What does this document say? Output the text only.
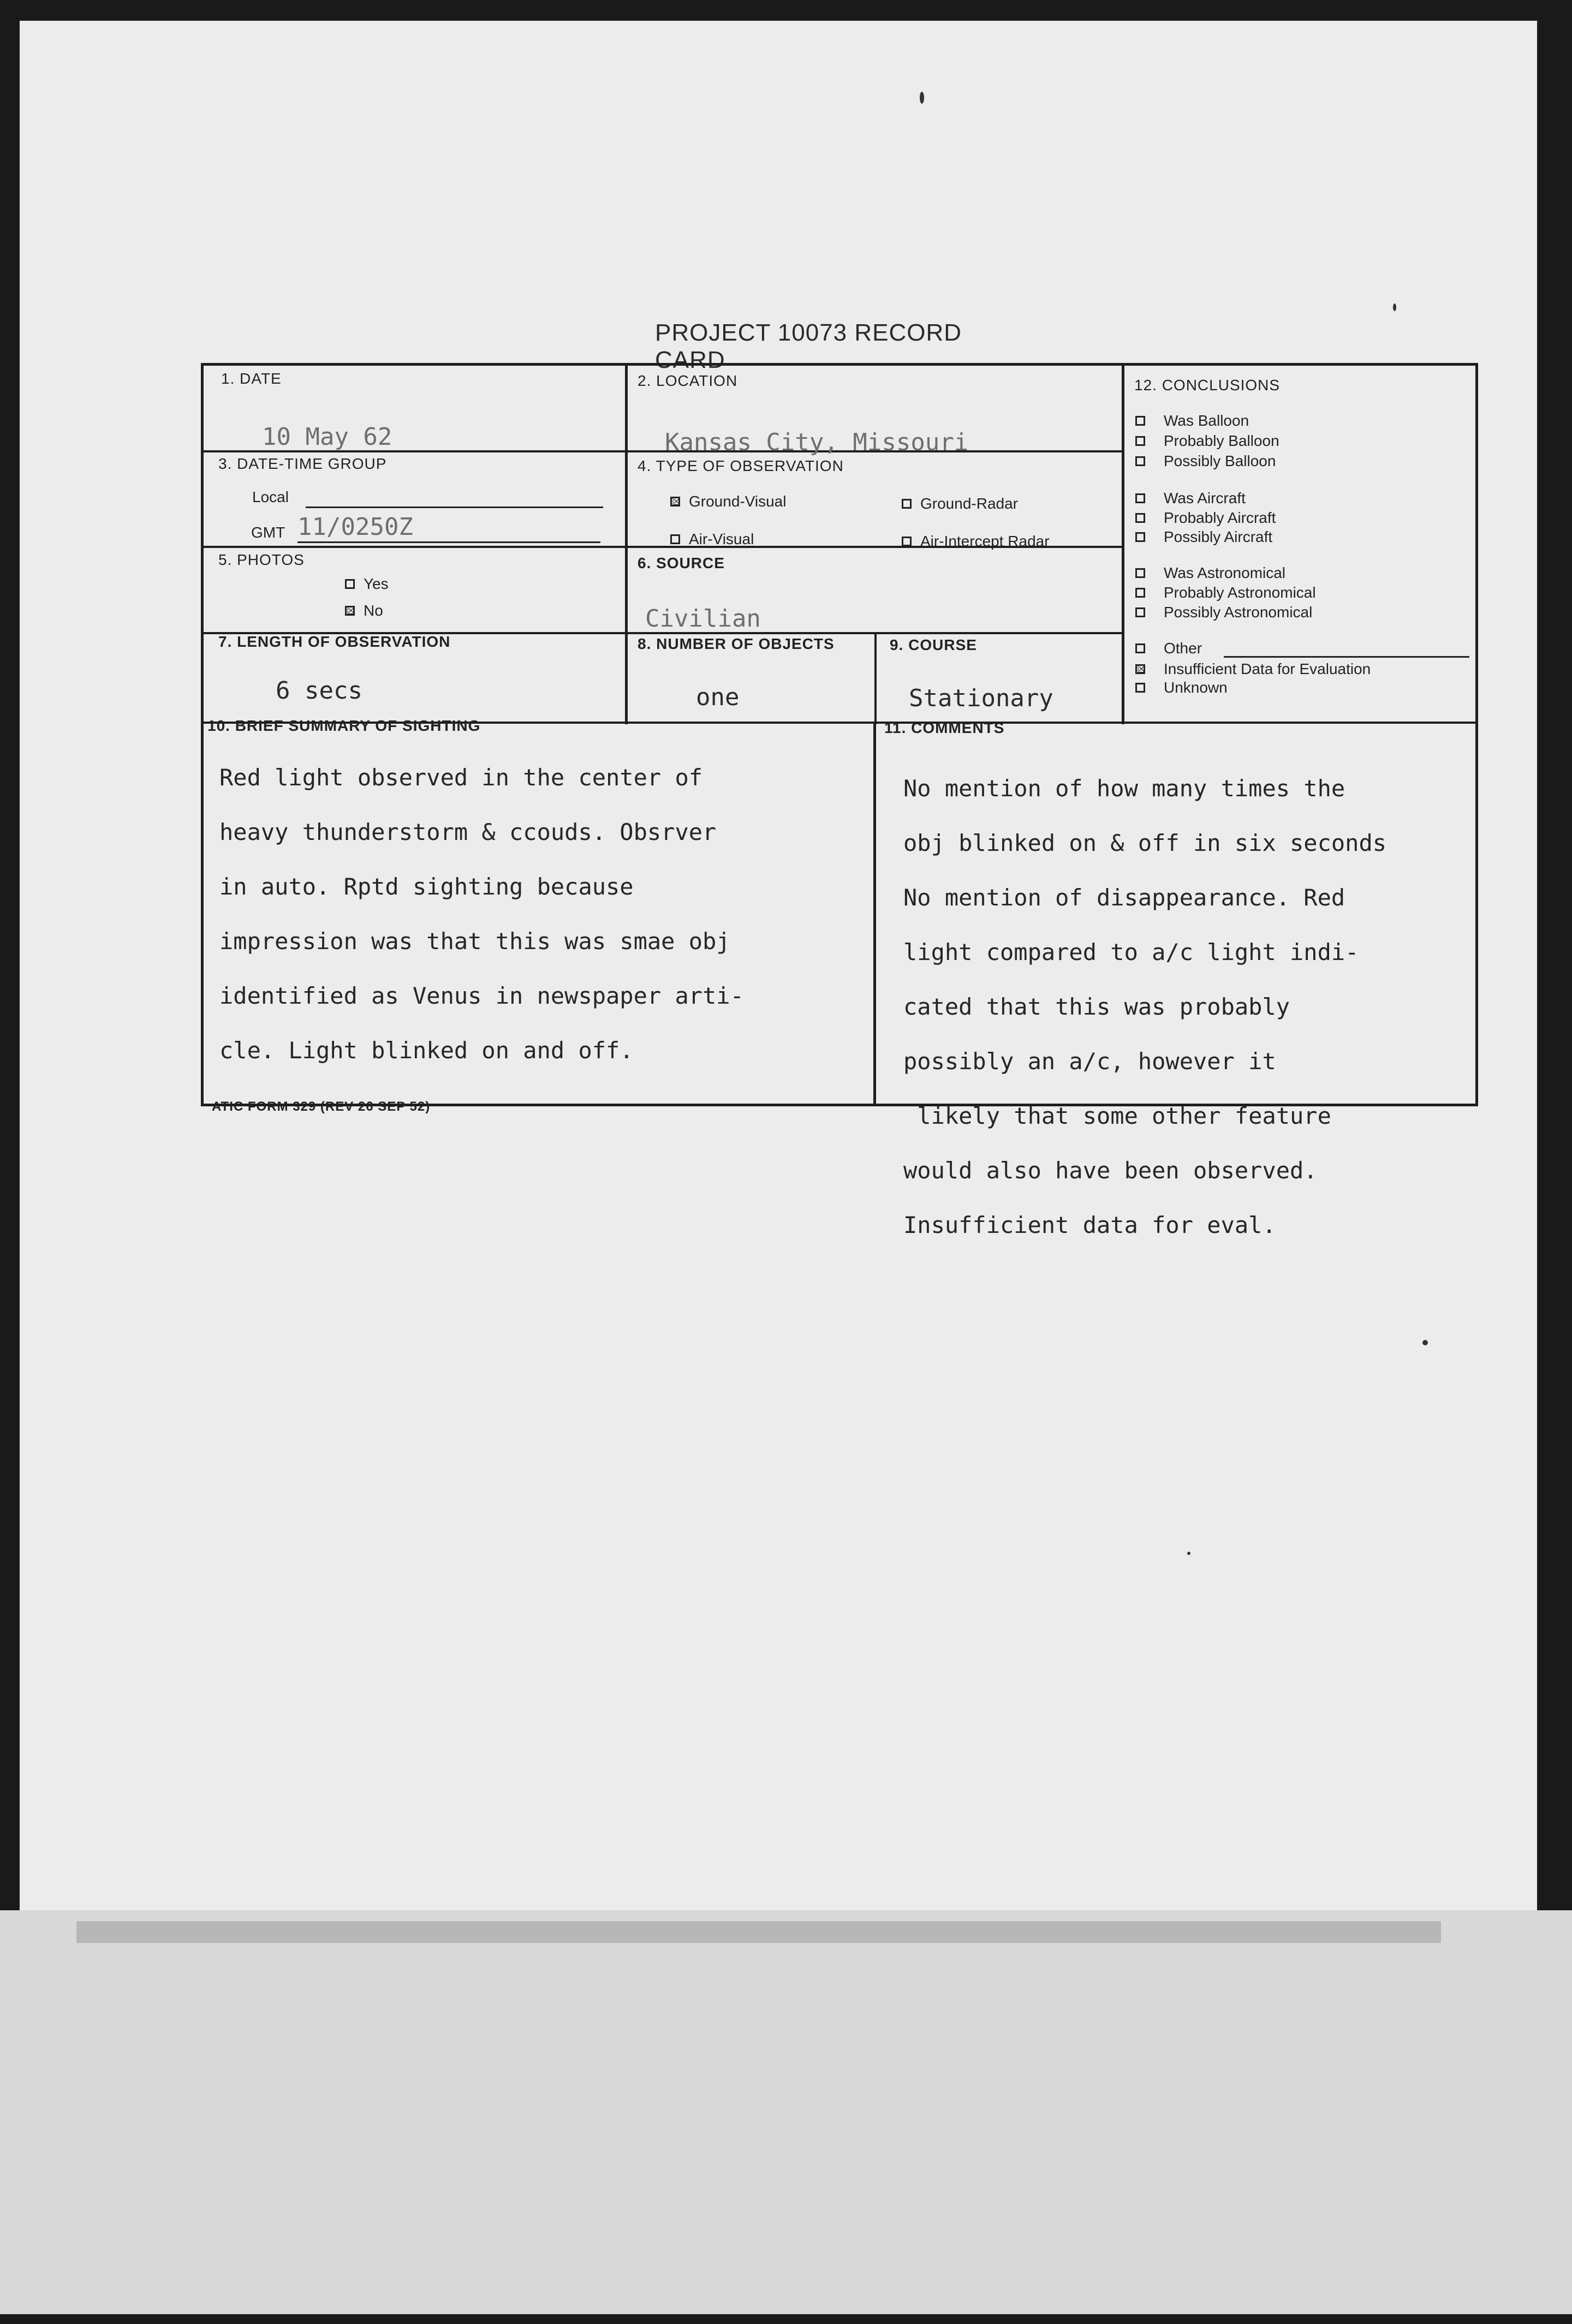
PROJECT 10073 RECORD CARD
1. DATE
10 May 62
2. LOCATION
Kansas City, Missouri
3. DATE-TIME GROUP
Local
GMT 11/0250Z
4. TYPE OF OBSERVATION
☒ Ground-Visual	Ground-Radar
Air-Visual	Air-Intercept Radar
5. PHOTOS
Yes
☒ No
6. SOURCE
Civilian
7. LENGTH OF OBSERVATION
6 secs
8. NUMBER OF OBJECTS
one
9. COURSE
Stationary
10. BRIEF SUMMARY OF SIGHTING

Red light observed in the center of

heavy thunderstorm & ccouds. Obsrver

in auto. Rptd sighting because

impression was that this was smae obj

identified as Venus in newspaper arti-

cle. Light blinked on and off.

11. COMMENTS

No mention of how many times the

obj blinked on & off in six seconds

No mention of disappearance. Red

light compared to a/c light indi-

cated that this was probably

possibly an a/c, however it

likely that some other feature

would also have been observed.

Insufficient data for eval.

12. CONCLUSIONS
Was Balloon
Probably Balloon
Possibly Balloon
Was Aircraft
Probably Aircraft
Possibly Aircraft
Was Astronomical
Probably Astronomical
Possibly Astronomical
Other
☒ Insufficient Data for Evaluation
Unknown
ATIC FORM 329 (REV 26 SEP 52)
